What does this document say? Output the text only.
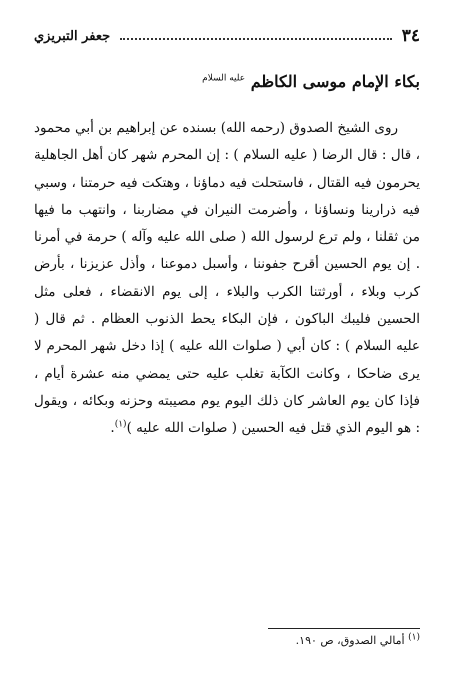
٣٤
جعفر التبريزي
بكاء الإمام موسى الكاظم $^{عليه السلام}$

روى الشيخ الصدوق (رحمه الله) بسنده عن إبراهيم بن أبي محمود ، قال : قال الرضا ( عليه السلام ) : إن المحرم شهر كان أهل الجاهلية يحرمون فيه القتال ، فاستحلت فيه دماؤنا ، وهتكت فيه حرمتنا ، وسبي فيه ذرارينا ونساؤنا ، وأضرمت النيران في مضاربنا ، وانتهب ما فيها من ثقلنا ، ولم ترع لرسول الله ( صلى الله عليه وآله ) حرمة في أمرنا . إن يوم الحسين أقرح جفوننا ، وأسبل دموعنا ، وأذل عزيزنا ، بأرض كرب وبلاء ، أورثتنا الكرب والبلاء ، إلى يوم الانقضاء ، فعلى مثل الحسين فليبك الباكون ، فإن البكاء يحط الذنوب العظام . ثم قال ( عليه السلام ) : كان أبي ( صلوات الله عليه ) إذا دخل شهر المحرم لا يرى ضاحكا ، وكانت الكآبة تغلب عليه حتى يمضي منه عشرة أيام ، فإذا كان يوم العاشر كان ذلك اليوم يوم مصيبته وحزنه وبكائه ، ويقول : هو اليوم الذي قتل فيه الحسين ( صلوات الله عليه )$^{(١)}$.

$^{(١)}$ أمالي الصدوق، ص ١٩٠.
